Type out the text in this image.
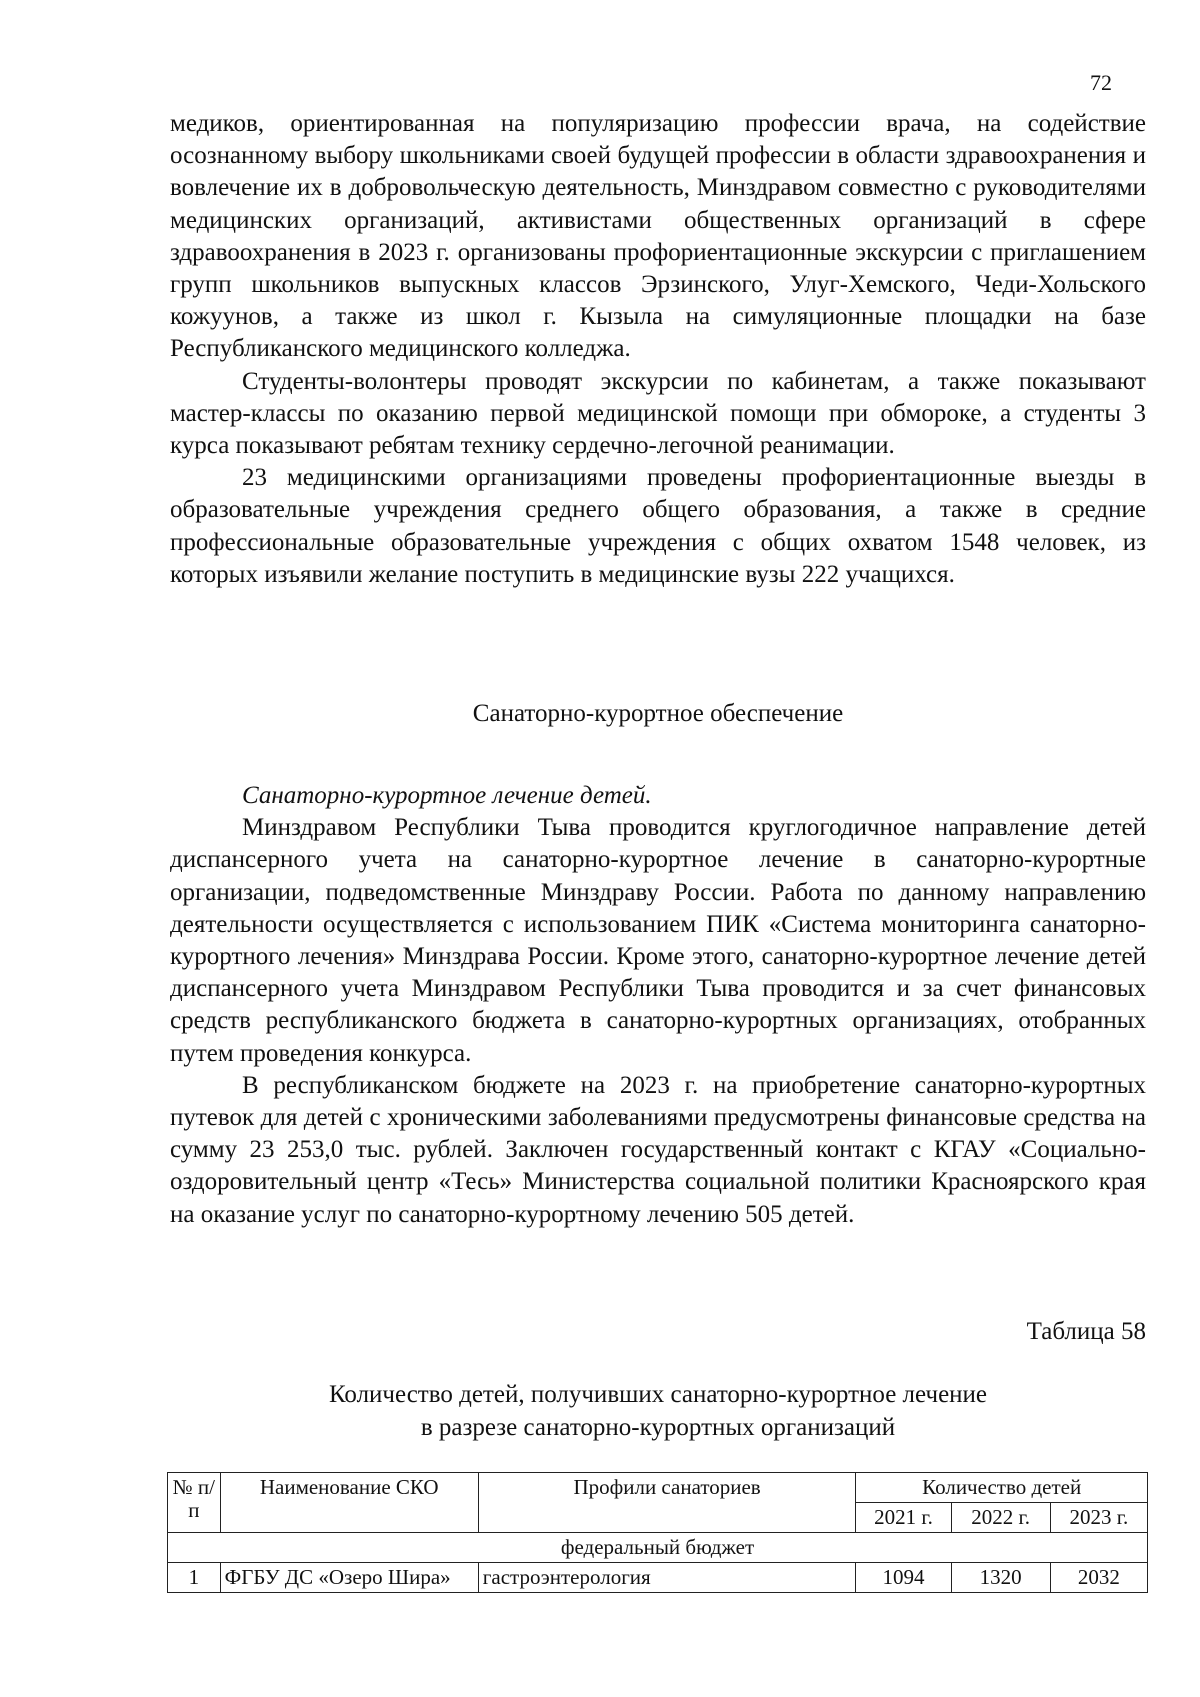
72

медиков, ориентированная на популяризацию профессии врача, на содействие осознанному выбору школьниками своей будущей профессии в области здравоохранения и вовлечение их в добровольческую деятельность, Минздравом совместно с руководителями медицинских организаций, активистами общественных организаций в сфере здравоохранения в 2023 г. организованы профориентационные экскурсии с приглашением групп школьников выпускных классов Эрзинского, Улуг-Хемского, Чеди-Хольского кожуунов, а также из школ г. Кызыла на симуляционные площадки на базе Республиканского медицинского колледжа.

Студенты-волонтеры проводят экскурсии по кабинетам, а также показывают мастер-классы по оказанию первой медицинской помощи при обмороке, а студенты 3 курса показывают ребятам технику сердечно-легочной реанимации.

23 медицинскими организациями проведены профориентационные выезды в образовательные учреждения среднего общего образования, а также в средние профессиональные образовательные учреждения с общих охватом 1548 человек, из которых изъявили желание поступить в медицинские вузы 222 учащихся.

Санаторно-курортное обеспечение

Санаторно-курортное лечение детей.

Минздравом Республики Тыва проводится круглогодичное направление детей диспансерного учета на санаторно-курортное лечение в санаторно-курортные организации, подведомственные Минздраву России. Работа по данному направлению деятельности осуществляется с использованием ПИК «Система мониторинга санаторно-курортного лечения» Минздрава России. Кроме этого, санаторно-курортное лечение детей диспансерного учета Минздравом Республики Тыва проводится и за счет финансовых средств республиканского бюджета в санаторно-курортных организациях, отобранных путем проведения конкурса.

В республиканском бюджете на 2023 г. на приобретение санаторно-курортных путевок для детей с хроническими заболеваниями предусмотрены финансовые средства на сумму 23 253,0 тыс. рублей. Заключен государственный контакт с КГАУ «Социально-оздоровительный центр «Тесь» Министерства социальной политики Красноярского края на оказание услуг по санаторно-курортному лечению 505 детей.

Таблица 58
Количество детей, получивших санаторно-курортное лечение
в разрезе санаторно-курортных организаций
№ п/п	Наименование СКО	Профили санаториев	Количество детей		
			2021 г.	2022 г.	2023 г.
федеральный бюджет					
1	ФГБУ ДС «Озеро Шира»	гастроэнтерология	1094	1320	2032
